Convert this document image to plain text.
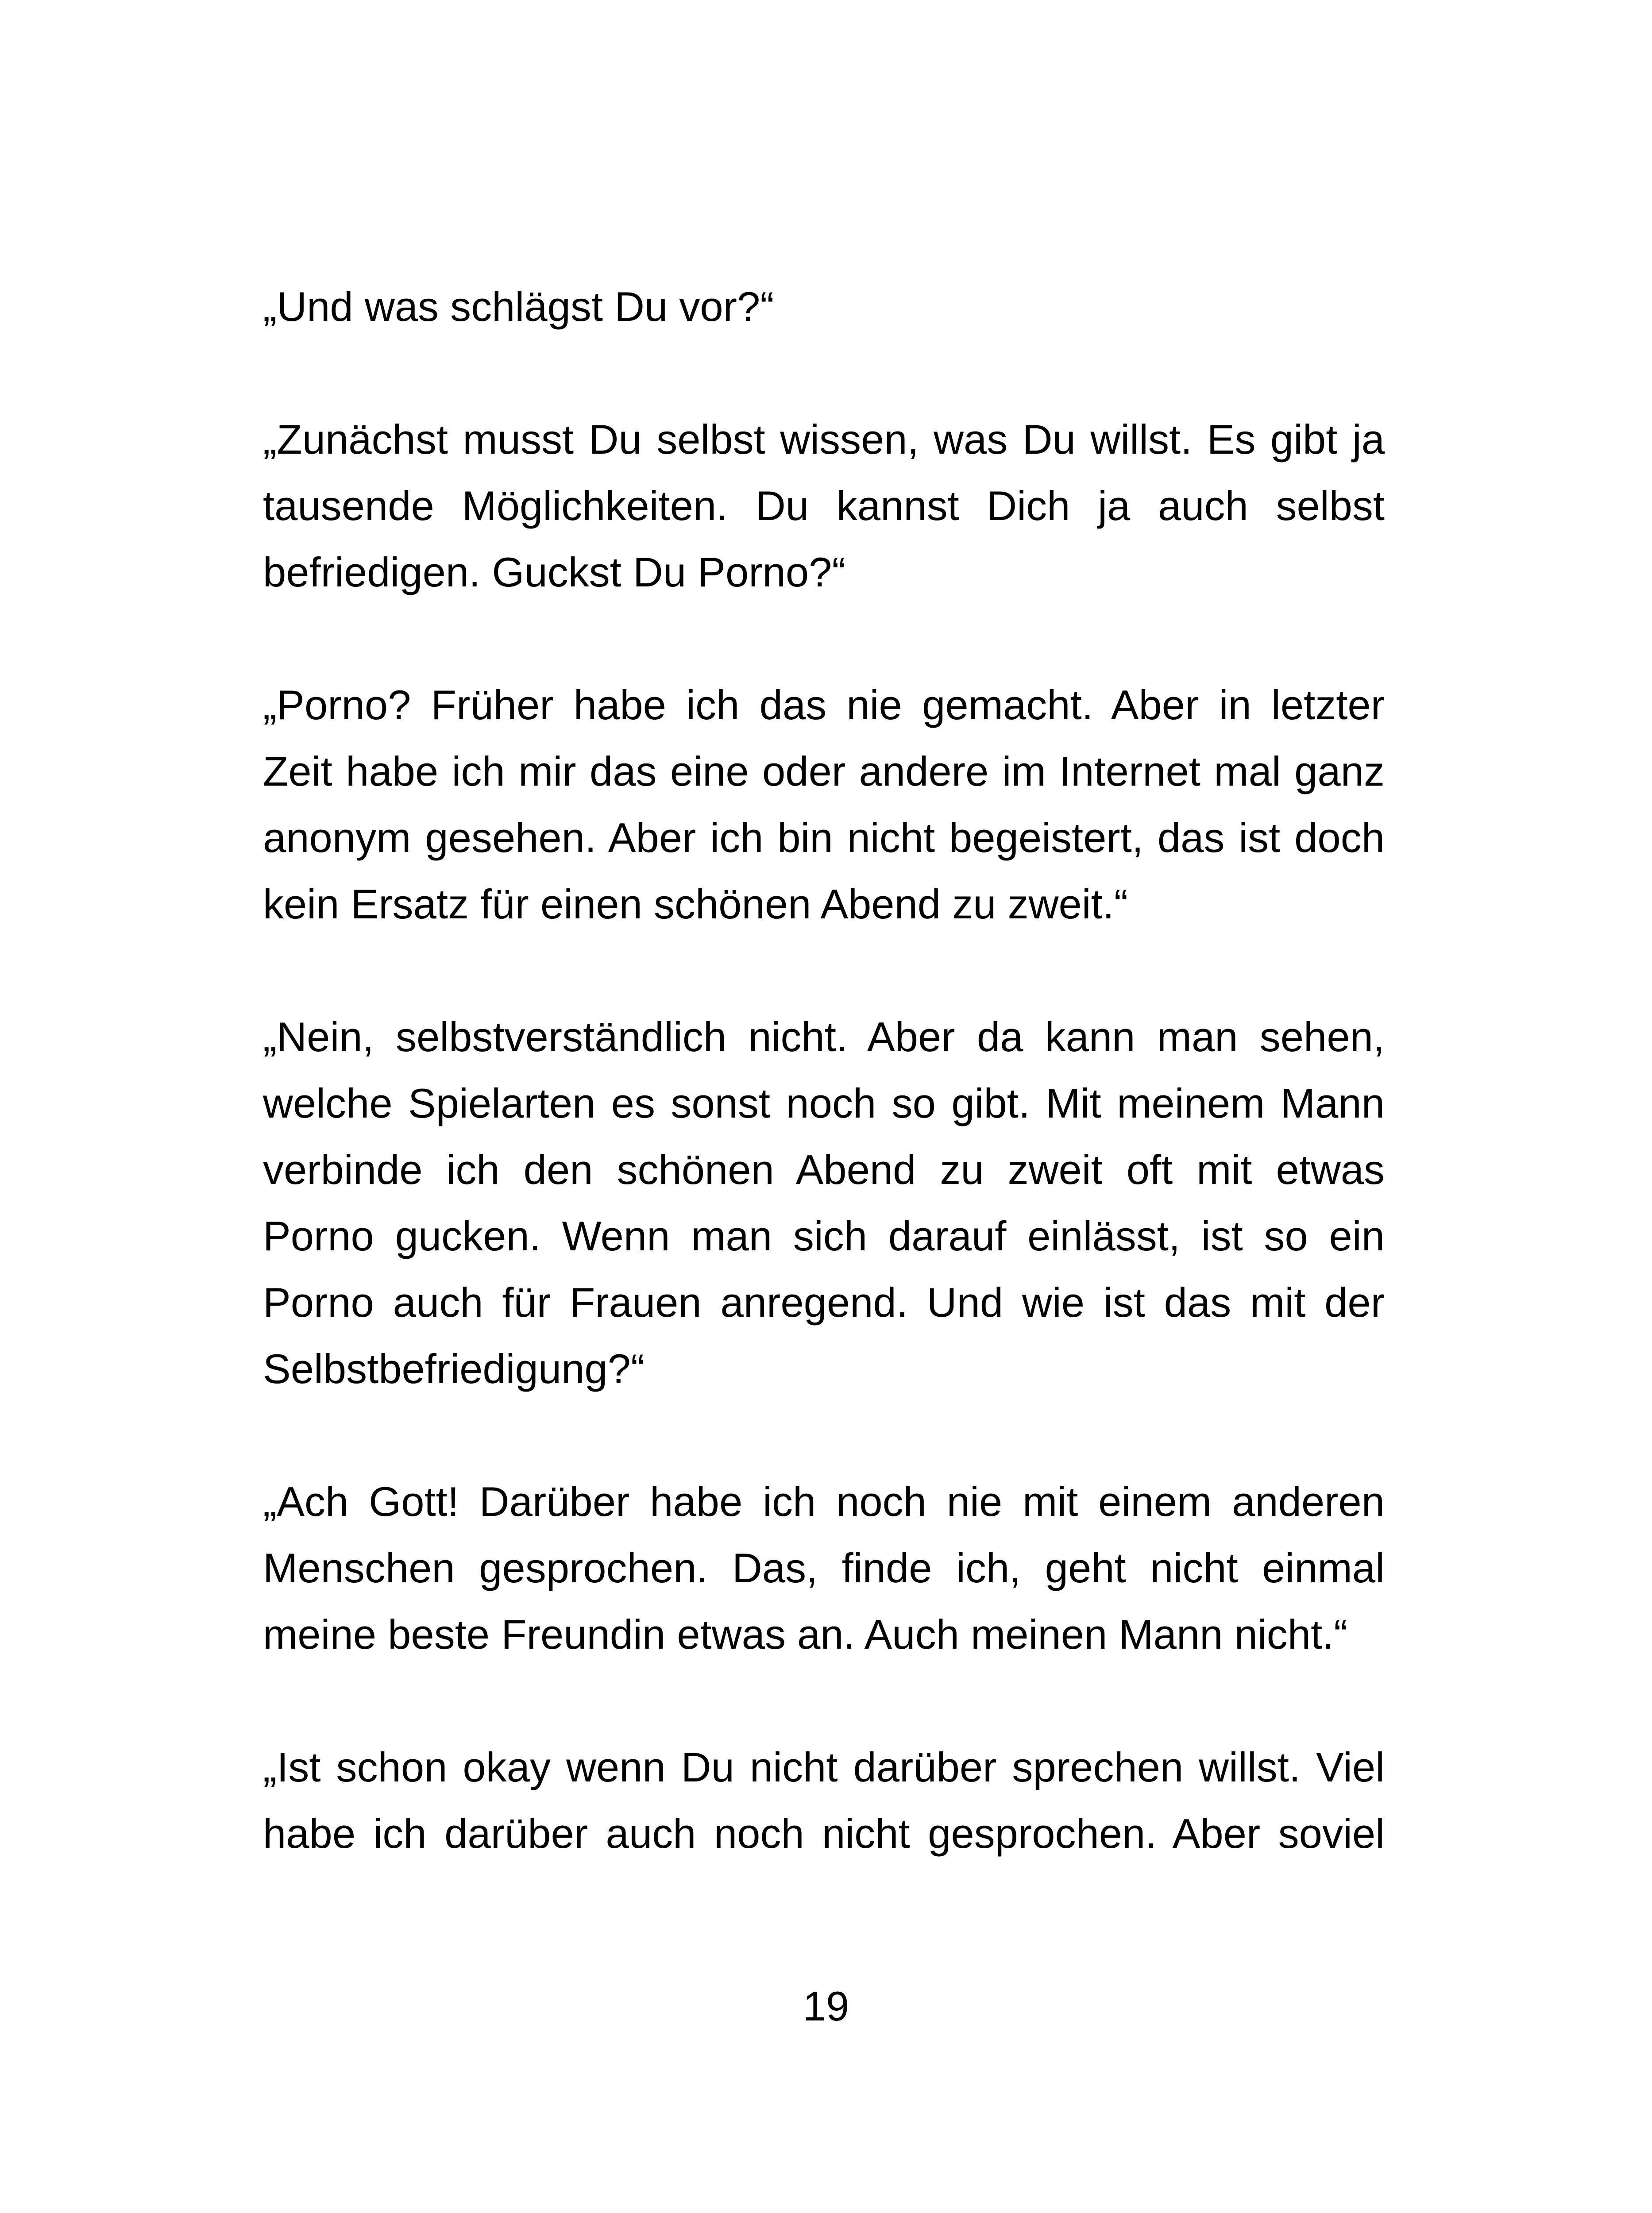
„Und was schlägst Du vor?“

„Zunächst musst Du selbst wissen, was Du willst. Es gibt ja tausende Möglichkeiten. Du kannst Dich ja auch selbst befriedigen. Guckst Du Porno?“

„Porno? Früher habe ich das nie gemacht. Aber in letzter Zeit habe ich mir das eine oder andere im Internet mal ganz anonym gesehen. Aber ich bin nicht begeistert, das ist doch kein Ersatz für einen schönen Abend zu zweit.“

„Nein, selbstverständlich nicht. Aber da kann man sehen, welche Spielarten es sonst noch so gibt. Mit meinem Mann verbinde ich den schönen Abend zu zweit oft mit etwas Porno gucken. Wenn man sich darauf einlässt, ist so ein Porno auch für Frauen anregend. Und wie ist das mit der Selbstbefriedigung?“

„Ach Gott! Darüber habe ich noch nie mit einem anderen Menschen gesprochen. Das, finde ich, geht nicht einmal meine beste Freundin etwas an. Auch meinen Mann nicht.“

„Ist schon okay wenn Du nicht darüber sprechen willst. Viel habe ich darüber auch noch nicht gesprochen. Aber soviel

19
